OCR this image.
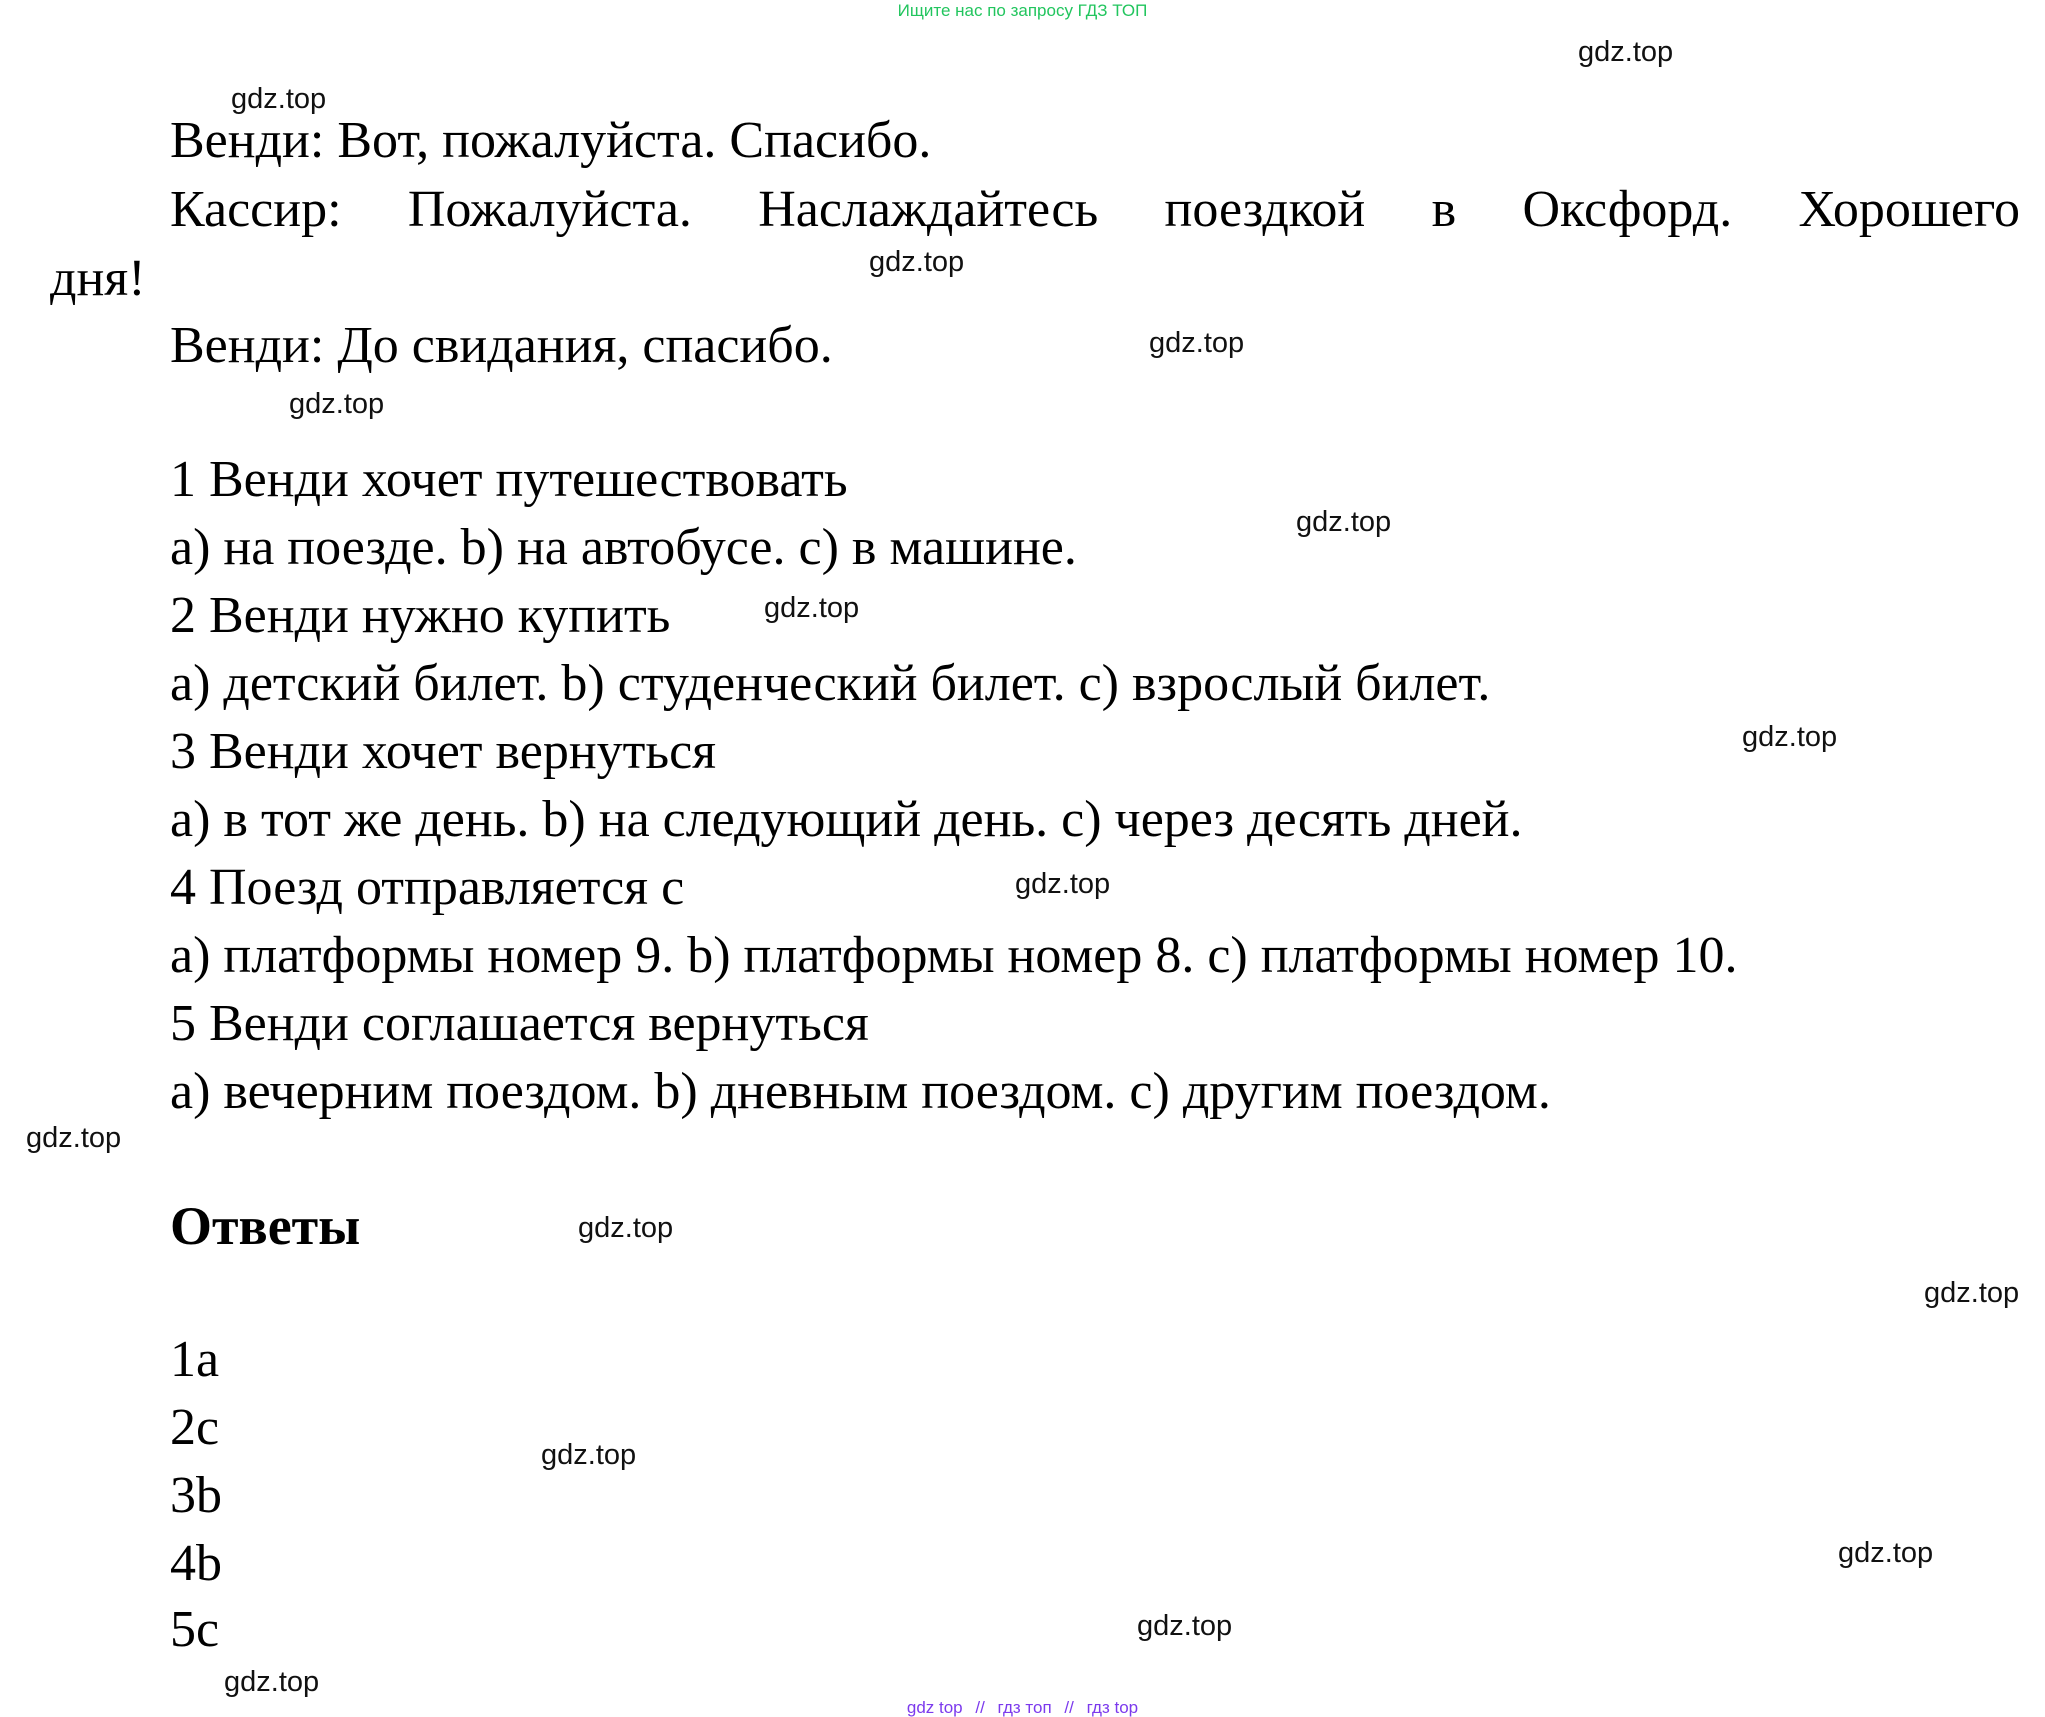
Ищите нас по запросу ГДЗ ТОП
Венди: Вот, пожалуйста. Спасибо.
Кассир: Пожалуйста. Наслаждайтесь поездкой в Оксфорд. Хорошего
дня!
Венди: До свидания, спасибо.
1 Венди хочет путешествовать
a) на поезде. b) на автобусе. c) в машине.
2 Венди нужно купить
a) детский билет. b) студенческий билет. c) взрослый билет.
3 Венди хочет вернуться
a) в тот же день. b) на следующий день. c) через десять дней.
4 Поезд отправляется с
a) платформы номер 9. b) платформы номер 8. c) платформы номер 10.
5 Венди соглашается вернуться
a) вечерним поездом. b) дневным поездом. c) другим поездом.
Ответы
1a
2c
3b
4b
5c
gdz.top
gdz.top
gdz.top
gdz.top
gdz.top
gdz.top
gdz.top
gdz.top
gdz.top
gdz.top
gdz.top
gdz.top
gdz.top
gdz.top
gdz.top
gdz.top
gdz top // гдз топ // гдз top
